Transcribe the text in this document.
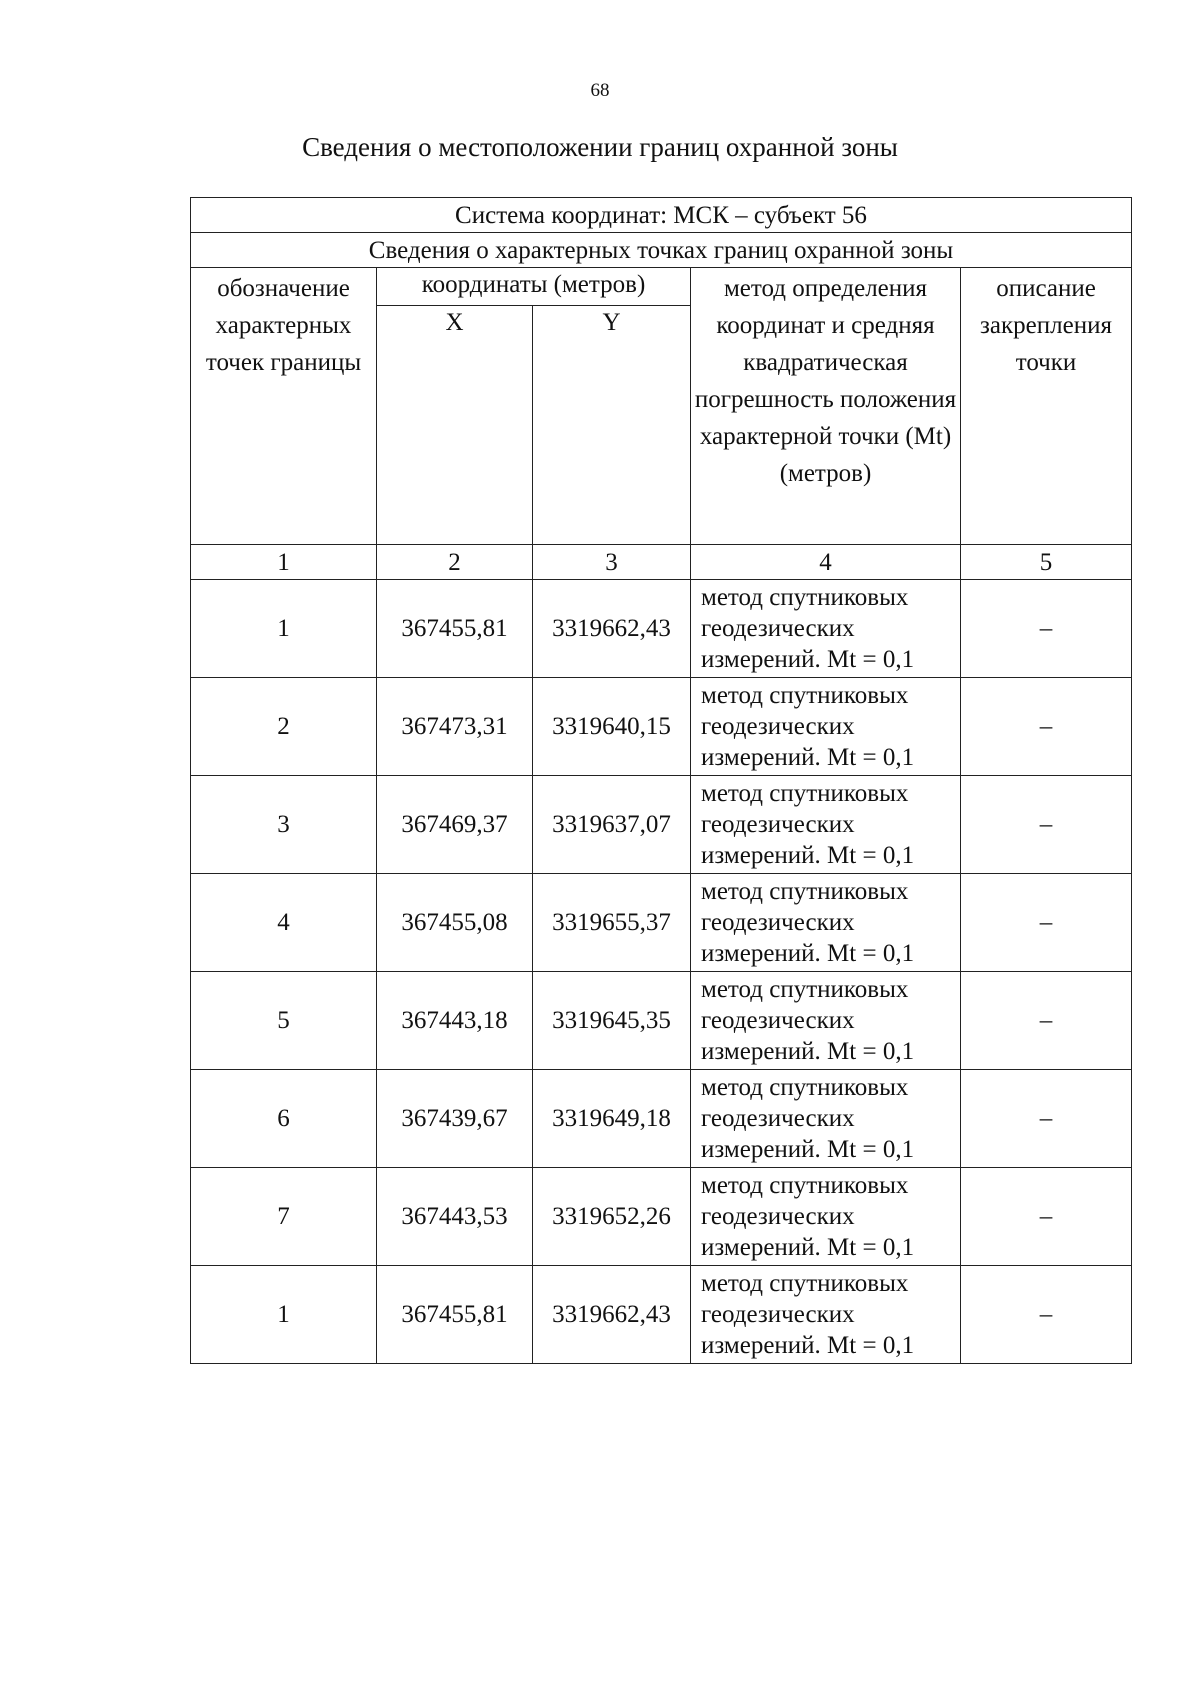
68
Сведения о местоположении границ охранной зоны
Система координат: МСК – субъект 56				
Сведения о характерных точках границ охранной зоны				
обозначение характерных точек границы	координаты (метров)		метод определения координат и средняя квадратическая погрешность положения характерной точки (Mt) (метров)	описание закрепления точки
	X	Y		
1	2	3	4	5
1	367455,81	3319662,43	метод спутниковых геодезических измерений. Mt = 0,1	–
2	367473,31	3319640,15	метод спутниковых геодезических измерений. Mt = 0,1	–
3	367469,37	3319637,07	метод спутниковых геодезических измерений. Mt = 0,1	–
4	367455,08	3319655,37	метод спутниковых геодезических измерений. Mt = 0,1	–
5	367443,18	3319645,35	метод спутниковых геодезических измерений. Mt = 0,1	–
6	367439,67	3319649,18	метод спутниковых геодезических измерений. Mt = 0,1	–
7	367443,53	3319652,26	метод спутниковых геодезических измерений. Mt = 0,1	–
1	367455,81	3319662,43	метод спутниковых геодезических измерений. Mt = 0,1	–
